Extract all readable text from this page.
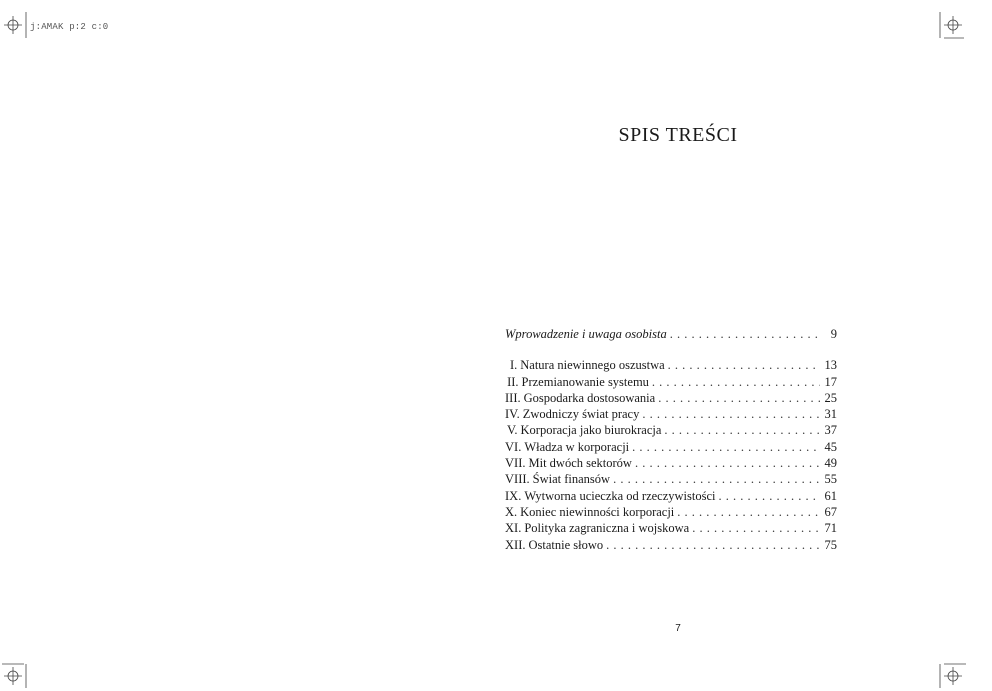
j:AMAK p:2 c:0
SPIS TREŚCI
Wprowadzenie i uwaga osobista . . .	9
I. Natura niewinnego oszustwa . . .	13
II. Przemianowanie systemu . . .	17
III. Gospodarka dostosowania . . .	25
IV. Zwodniczy świat pracy . . .	31
V. Korporacja jako biurokracja . . .	37
VI. Władza w korporacji . . .	45
VII. Mit dwóch sektorów . . .	49
VIII. Świat finansów . . .	55
IX. Wytworna ucieczka od rzeczywistości . . .	61
X. Koniec niewinności korporacji . . .	67
XI. Polityka zagraniczna i wojskowa . . .	71
XII. Ostatnie słowo . . .	75
7
